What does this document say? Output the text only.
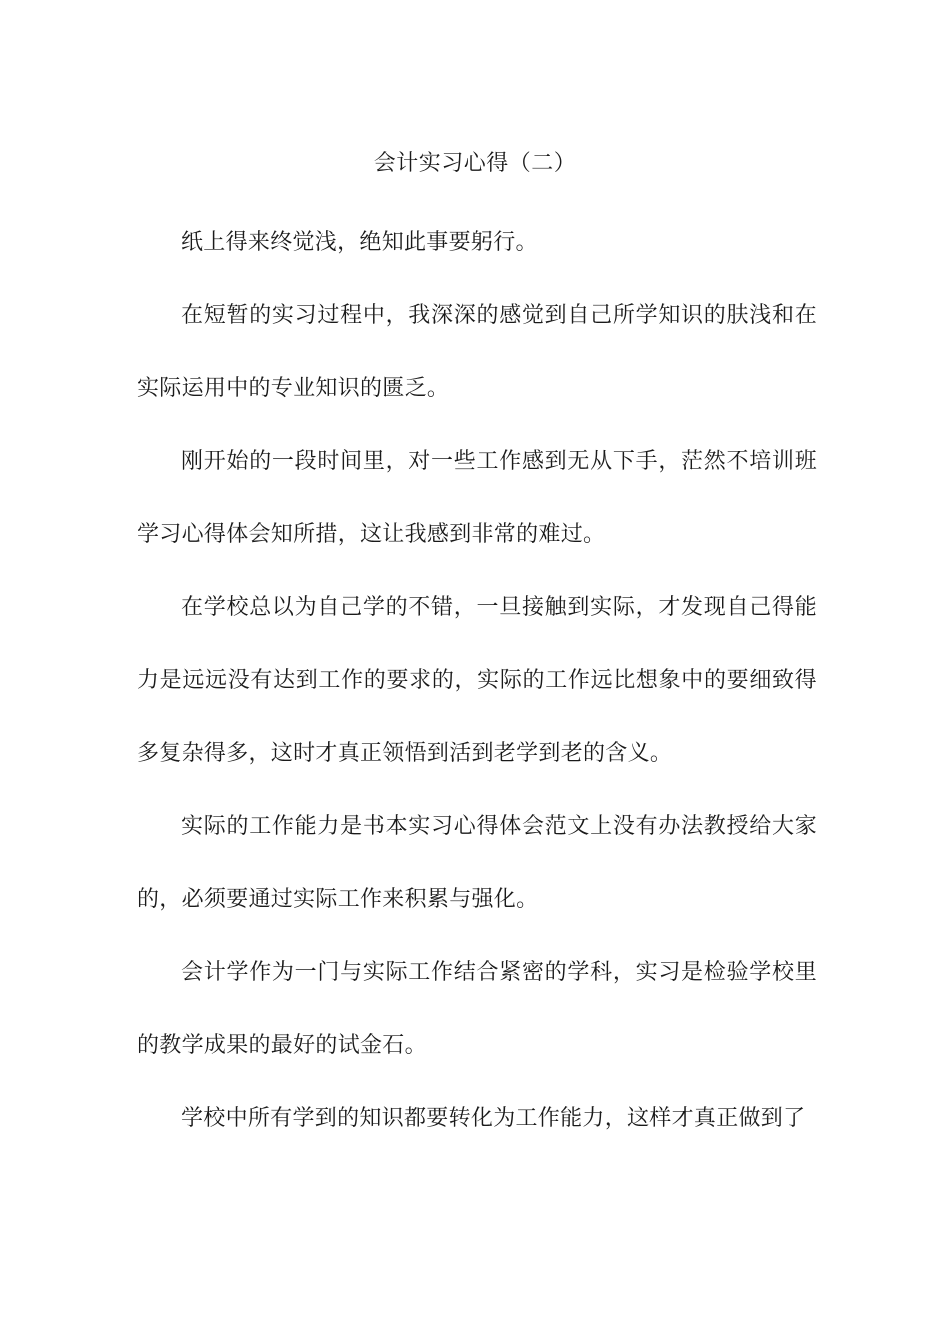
会计实习心得（二）

纸上得来终觉浅，绝知此事要躬行。

在短暂的实习过程中，我深深的感觉到自己所学知识的肤浅和在实际运用中的专业知识的匮乏。

刚开始的一段时间里，对一些工作感到无从下手，茫然不培训班学习心得体会知所措，这让我感到非常的难过。

在学校总以为自己学的不错，一旦接触到实际，才发现自己得能力是远远没有达到工作的要求的，实际的工作远比想象中的要细致得多复杂得多，这时才真正领悟到活到老学到老的含义。

实际的工作能力是书本实习心得体会范文上没有办法教授给大家的，必须要通过实际工作来积累与强化。

会计学作为一门与实际工作结合紧密的学科，实习是检验学校里的教学成果的最好的试金石。

学校中所有学到的知识都要转化为工作能力，这样才真正做到了
